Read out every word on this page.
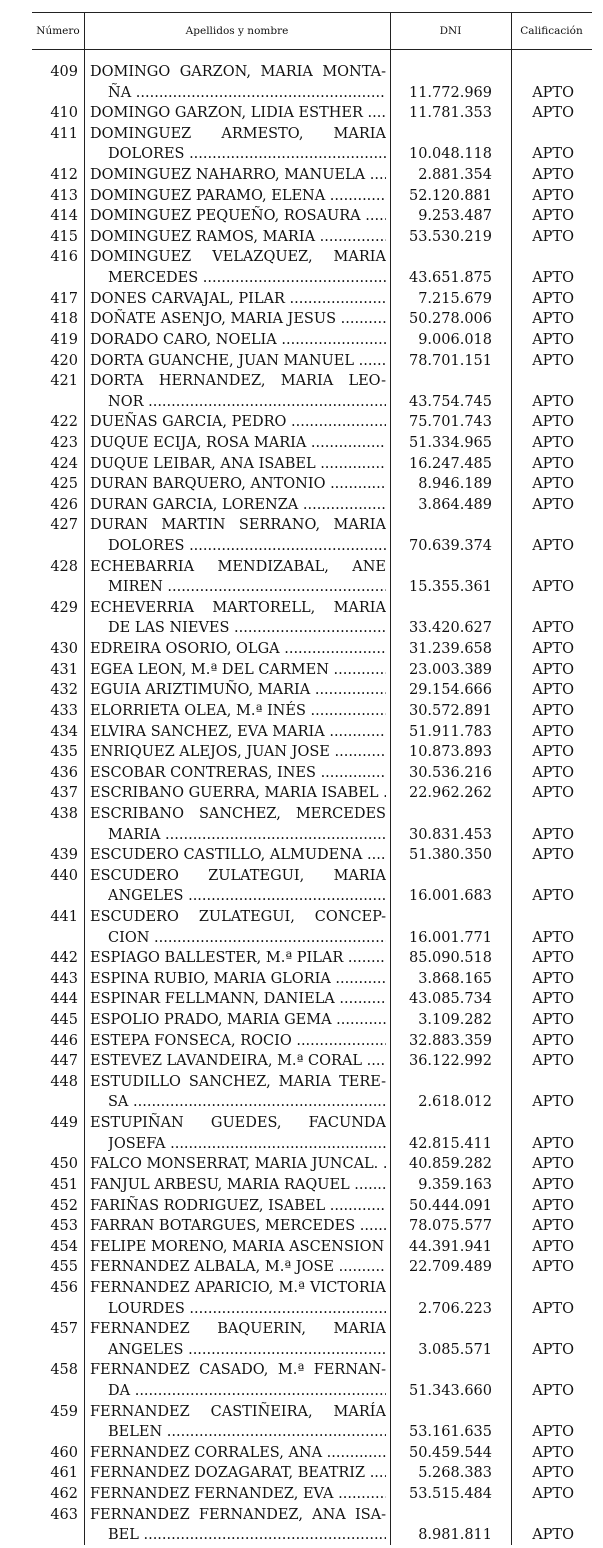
Número	Apellidos y nombre	DNI	Calificación
409 DOMINGO GARZON, MARIA MONTA-
ÑA .....	11.772.969	APTO
410 DOMINGO GARZON, LIDIA ESTHER .....	11.781.353	APTO
411 DOMINGUEZ ARMESTO, MARIA
DOLORES .....	10.048.118	APTO
412 DOMINGUEZ NAHARRO, MANUELA .....	2.881.354	APTO
413 DOMINGUEZ PARAMO, ELENA .....	52.120.881	APTO
414 DOMINGUEZ PEQUEÑO, ROSAURA .....	9.253.487	APTO
415 DOMINGUEZ RAMOS, MARIA .....	53.530.219	APTO
416 DOMINGUEZ VELAZQUEZ, MARIA
MERCEDES .....	43.651.875	APTO
417 DONES CARVAJAL, PILAR .....	7.215.679	APTO
418 DOÑATE ASENJO, MARIA JESUS .....	50.278.006	APTO
419 DORADO CARO, NOELIA .....	9.006.018	APTO
420 DORTA GUANCHE, JUAN MANUEL .....	78.701.151	APTO
421 DORTA HERNANDEZ, MARIA LEO-
NOR .....	43.754.745	APTO
422 DUEÑAS GARCIA, PEDRO .....	75.701.743	APTO
423 DUQUE ECIJA, ROSA MARIA .....	51.334.965	APTO
424 DUQUE LEIBAR, ANA ISABEL .....	16.247.485	APTO
425 DURAN BARQUERO, ANTONIO .....	8.946.189	APTO
426 DURAN GARCIA, LORENZA .....	3.864.489	APTO
427 DURAN MARTIN SERRANO, MARIA
DOLORES .....	70.639.374	APTO
428 ECHEBARRIA MENDIZABAL, ANE
MIREN .....	15.355.361	APTO
429 ECHEVERRIA MARTORELL, MARIA
DE LAS NIEVES .....	33.420.627	APTO
430 EDREIRA OSORIO, OLGA .....	31.239.658	APTO
431 EGEA LEON, M.ª DEL CARMEN .....	23.003.389	APTO
432 EGUIA ARIZTIMUÑO, MARIA .....	29.154.666	APTO
433 ELORRIETA OLEA, M.ª INÉS .....	30.572.891	APTO
434 ELVIRA SANCHEZ, EVA MARIA .....	51.911.783	APTO
435 ENRIQUEZ ALEJOS, JUAN JOSE .....	10.873.893	APTO
436 ESCOBAR CONTRERAS, INES .....	30.536.216	APTO
437 ESCRIBANO GUERRA, MARIA ISABEL .....	22.962.262	APTO
438 ESCRIBANO SANCHEZ, MERCEDES
MARIA .....	30.831.453	APTO
439 ESCUDERO CASTILLO, ALMUDENA .....	51.380.350	APTO
440 ESCUDERO ZULATEGUI, MARIA
ANGELES .....	16.001.683	APTO
441 ESCUDERO ZULATEGUI, CONCEP-
CION .....	16.001.771	APTO
442 ESPIAGO BALLESTER, M.ª PILAR .....	85.090.518	APTO
443 ESPINA RUBIO, MARIA GLORIA .....	3.868.165	APTO
444 ESPINAR FELLMANN, DANIELA .....	43.085.734	APTO
445 ESPOLIO PRADO, MARIA GEMA .....	3.109.282	APTO
446 ESTEPA FONSECA, ROCIO .....	32.883.359	APTO
447 ESTEVEZ LAVANDEIRA, M.ª CORAL .....	36.122.992	APTO
448 ESTUDILLO SANCHEZ, MARIA TERE-
SA .....	2.618.012	APTO
449 ESTUPIÑAN GUEDES, FACUNDA
JOSEFA .....	42.815.411	APTO
450 FALCO MONSERRAT, MARIA JUNCAL. .....	40.859.282	APTO
451 FANJUL ARBESU, MARIA RAQUEL .....	9.359.163	APTO
452 FARIÑAS RODRIGUEZ, ISABEL .....	50.444.091	APTO
453 FARRAN BOTARGUES, MERCEDES .....	78.075.577	APTO
454 FELIPE MORENO, MARIA ASCENSION .....	44.391.941	APTO
455 FERNANDEZ ALBALA, M.ª JOSE .....	22.709.489	APTO
456 FERNANDEZ APARICIO, M.ª VICTORIA
LOURDES .....	2.706.223	APTO
457 FERNANDEZ BAQUERIN, MARIA
ANGELES .....	3.085.571	APTO
458 FERNANDEZ CASADO, M.ª FERNAN-
DA .....	51.343.660	APTO
459 FERNANDEZ CASTIÑEIRA, MARÍA
BELEN .....	53.161.635	APTO
460 FERNANDEZ CORRALES, ANA .....	50.459.544	APTO
461 FERNANDEZ DOZAGARAT, BEATRIZ .....	5.268.383	APTO
462 FERNANDEZ FERNANDEZ, EVA .....	53.515.484	APTO
463 FERNANDEZ FERNANDEZ, ANA ISA-
BEL .....	8.981.811	APTO
